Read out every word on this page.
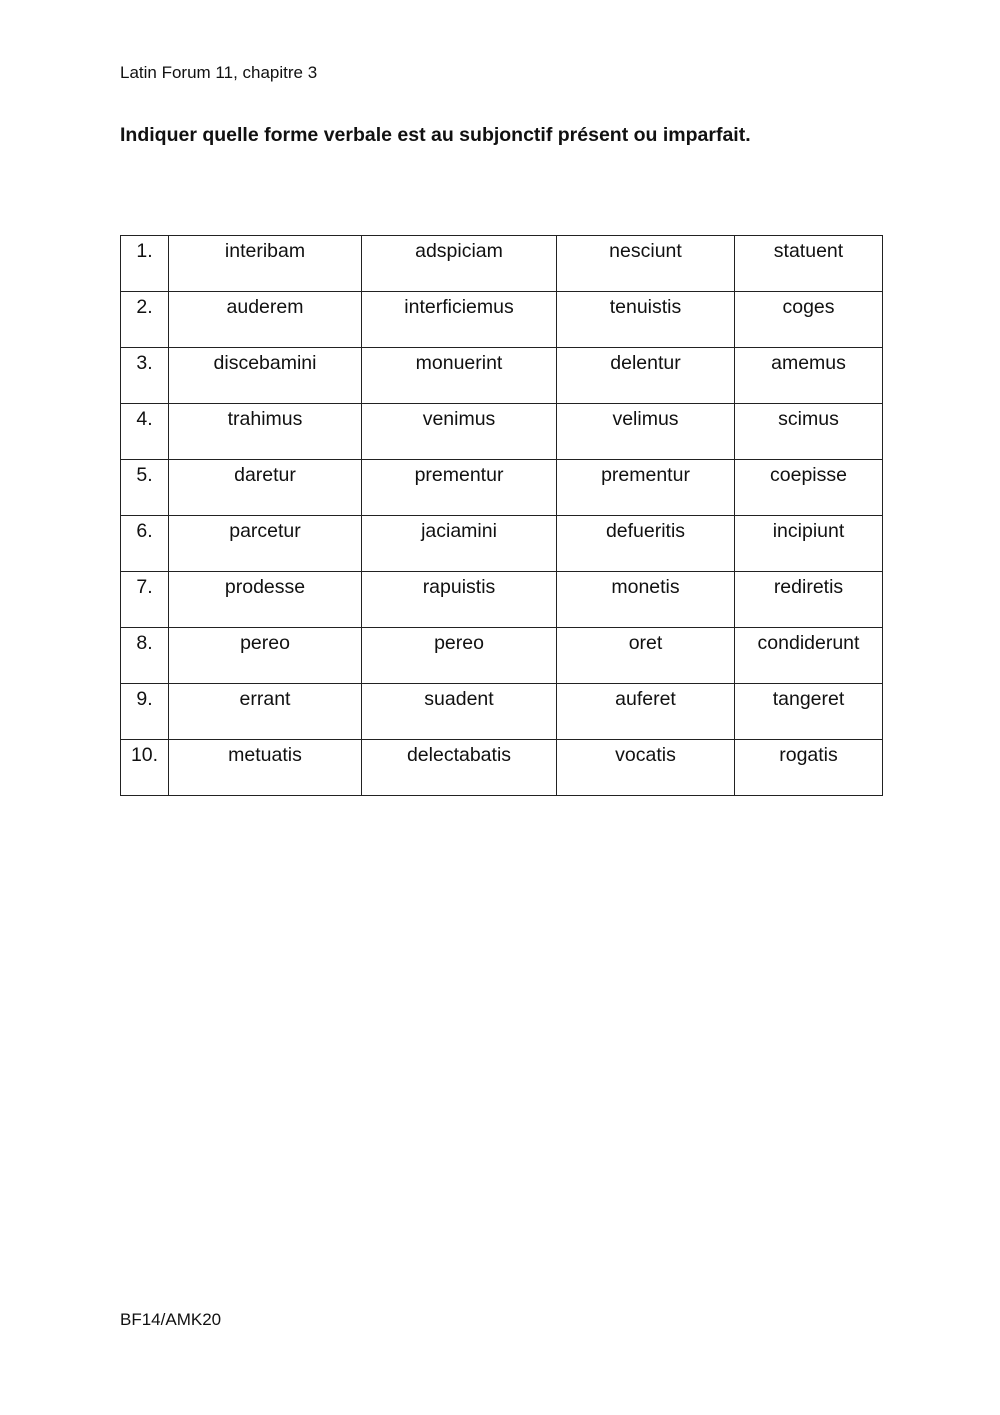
Latin Forum 11, chapitre 3
Indiquer quelle forme verbale est au subjonctif présent ou imparfait.
1.	interibam	adspiciam	nesciunt	statuent
2.	auderem	interficiemus	tenuistis	coges
3.	discebamini	monuerint	delentur	amemus
4.	trahimus	venimus	velimus	scimus
5.	daretur	prementur	prementur	coepisse
6.	parcetur	jaciamini	defueritis	incipiunt
7.	prodesse	rapuistis	monetis	rediretis
8.	pereo	pereo	oret	condiderunt
9.	errant	suadent	auferet	tangeret
10.	metuatis	delectabatis	vocatis	rogatis
BF14/AMK20
